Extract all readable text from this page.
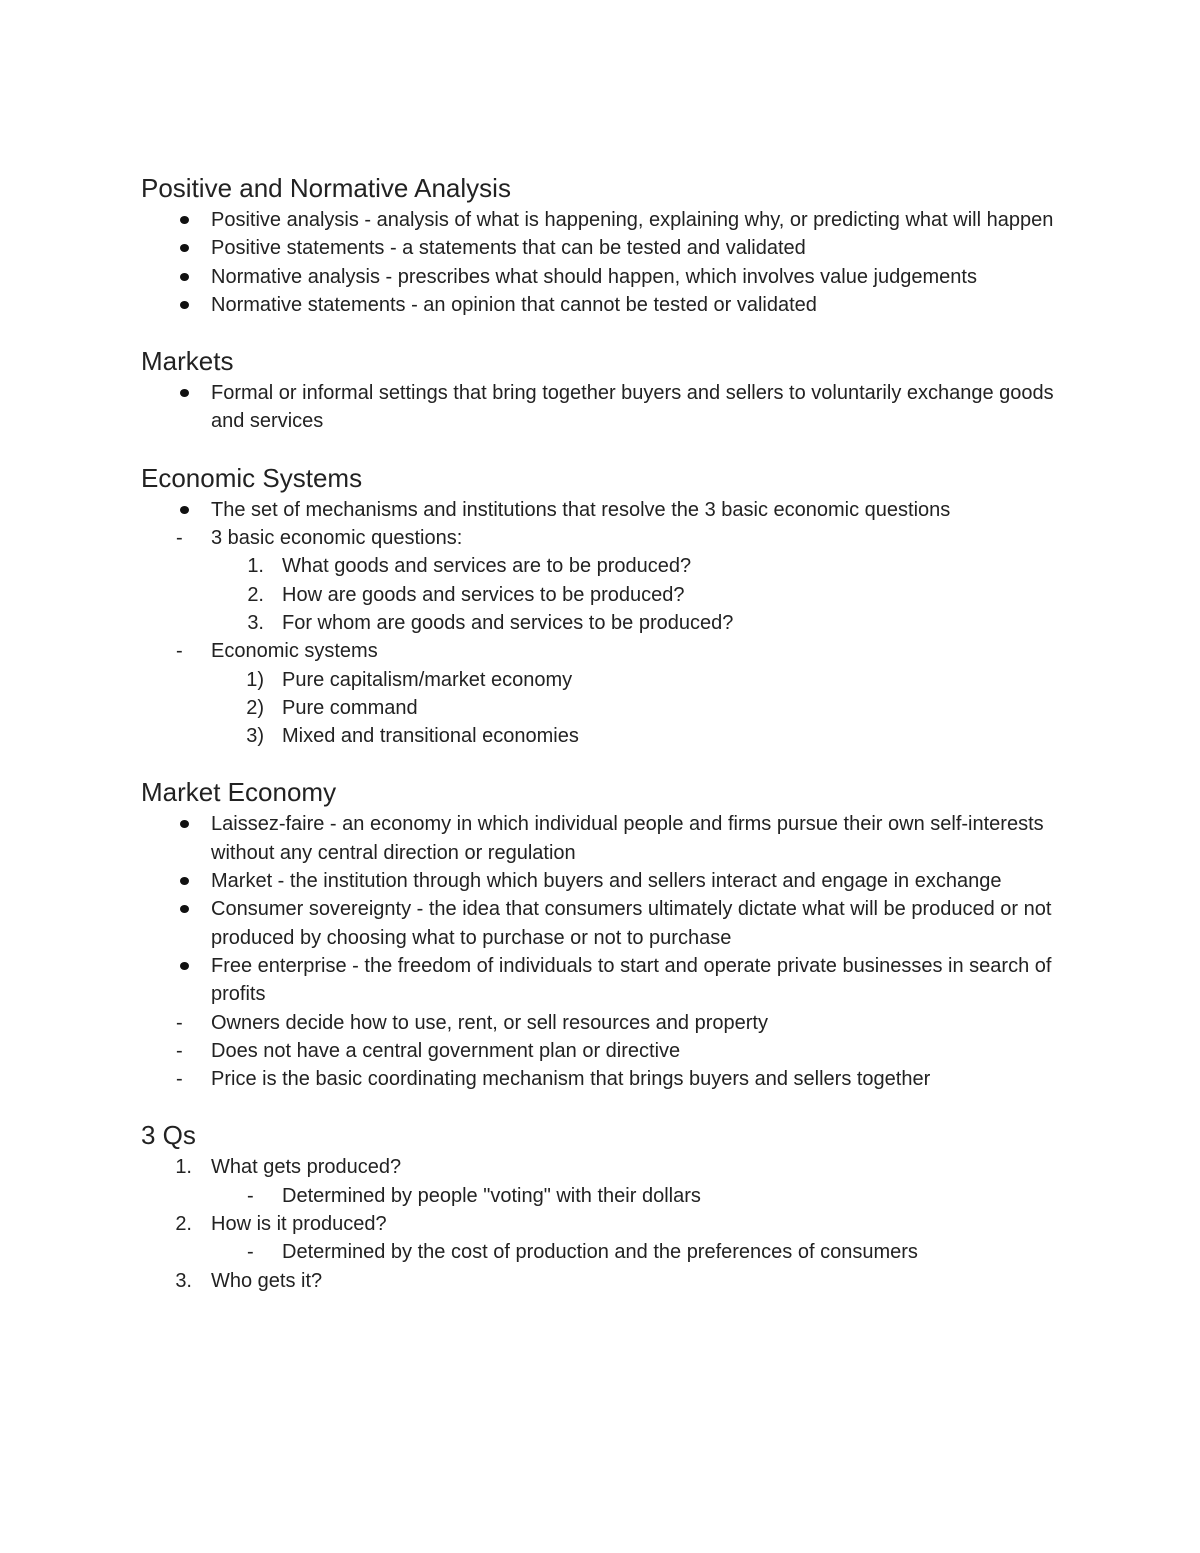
Positive and Normative Analysis
Positive analysis - analysis of what is happening, explaining why, or predicting what will happen
Positive statements - a statements that can be tested and validated
Normative analysis - prescribes what should happen, which involves value judgements
Normative statements - an opinion that cannot be tested or validated
Markets
Formal or informal settings that bring together buyers and sellers to voluntarily exchange goods and services
Economic Systems
The set of mechanisms and institutions that resolve the 3 basic economic questions
- 3 basic economic questions:
1. What goods and services are to be produced?
2. How are goods and services to be produced?
3. For whom are goods and services to be produced?
- Economic systems
1) Pure capitalism/market economy
2) Pure command
3) Mixed and transitional economies
Market Economy
Laissez-faire - an economy in which individual people and firms pursue their own self-interests without any central direction or regulation
Market - the institution through which buyers and sellers interact and engage in exchange
Consumer sovereignty - the idea that consumers ultimately dictate what will be produced or not produced by choosing what to purchase or not to purchase
Free enterprise - the freedom of individuals to start and operate private businesses in search of profits
- Owners decide how to use, rent, or sell resources and property
- Does not have a central government plan or directive
- Price is the basic coordinating mechanism that brings buyers and sellers together
3 Qs
1. What gets produced?
- Determined by people "voting" with their dollars
2. How is it produced?
- Determined by the cost of production and the preferences of consumers
3. Who gets it?
